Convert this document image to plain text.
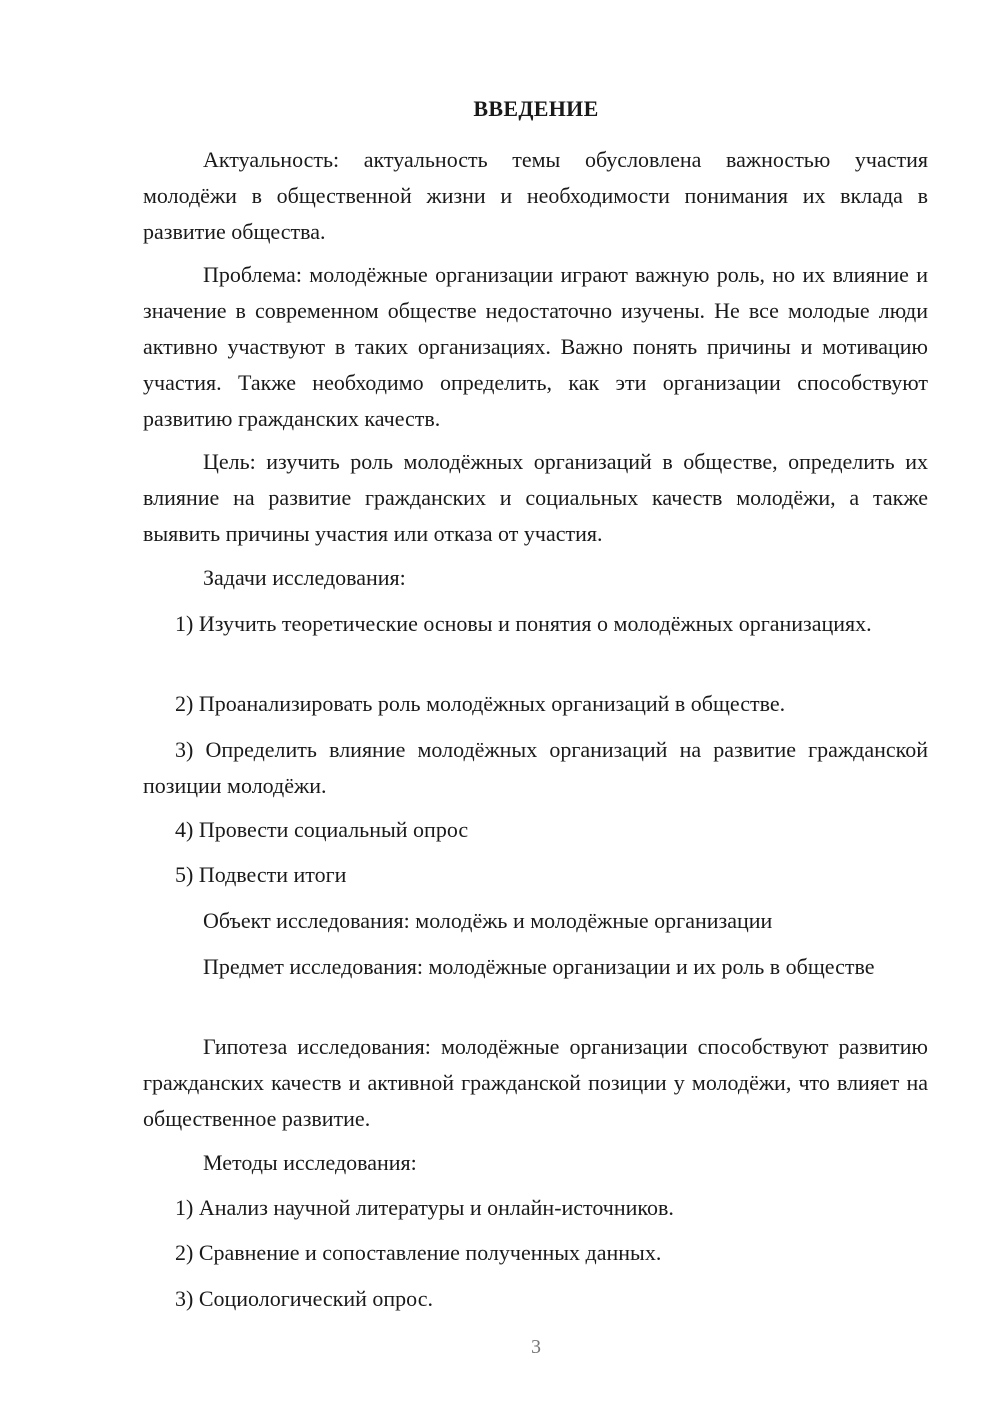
ВВЕДЕНИЕ

Актуальность: актуальность темы обусловлена важностью участия молодёжи в общественной жизни и необходимости понимания их вклада в развитие общества.

Проблема: молодёжные организации играют важную роль, но их влияние и значение в современном обществе недостаточно изучены. Не все молодые люди активно участвуют в таких организациях. Важно понять причины и мотивацию участия. Также необходимо определить, как эти организации способствуют развитию гражданских качеств.

Цель: изучить роль молодёжных организаций в обществе, определить их влияние на развитие гражданских и социальных качеств молодёжи, а также выявить причины участия или отказа от участия.

Задачи исследования:

1) Изучить теоретические основы и понятия о молодёжных организациях.

2) Проанализировать роль молодёжных организаций в обществе.

3) Определить влияние молодёжных организаций на развитие гражданской позиции молодёжи.

4) Провести социальный опрос

5) Подвести итоги

Объект исследования: молодёжь и молодёжные организации

Предмет исследования: молодёжные организации и их роль в обществе

Гипотеза исследования: молодёжные организации способствуют развитию гражданских качеств и активной гражданской позиции у молодёжи, что влияет на общественное развитие.

Методы исследования:

1) Анализ научной литературы и онлайн-источников.

2) Сравнение и сопоставление полученных данных.

3) Социологический опрос.

3
